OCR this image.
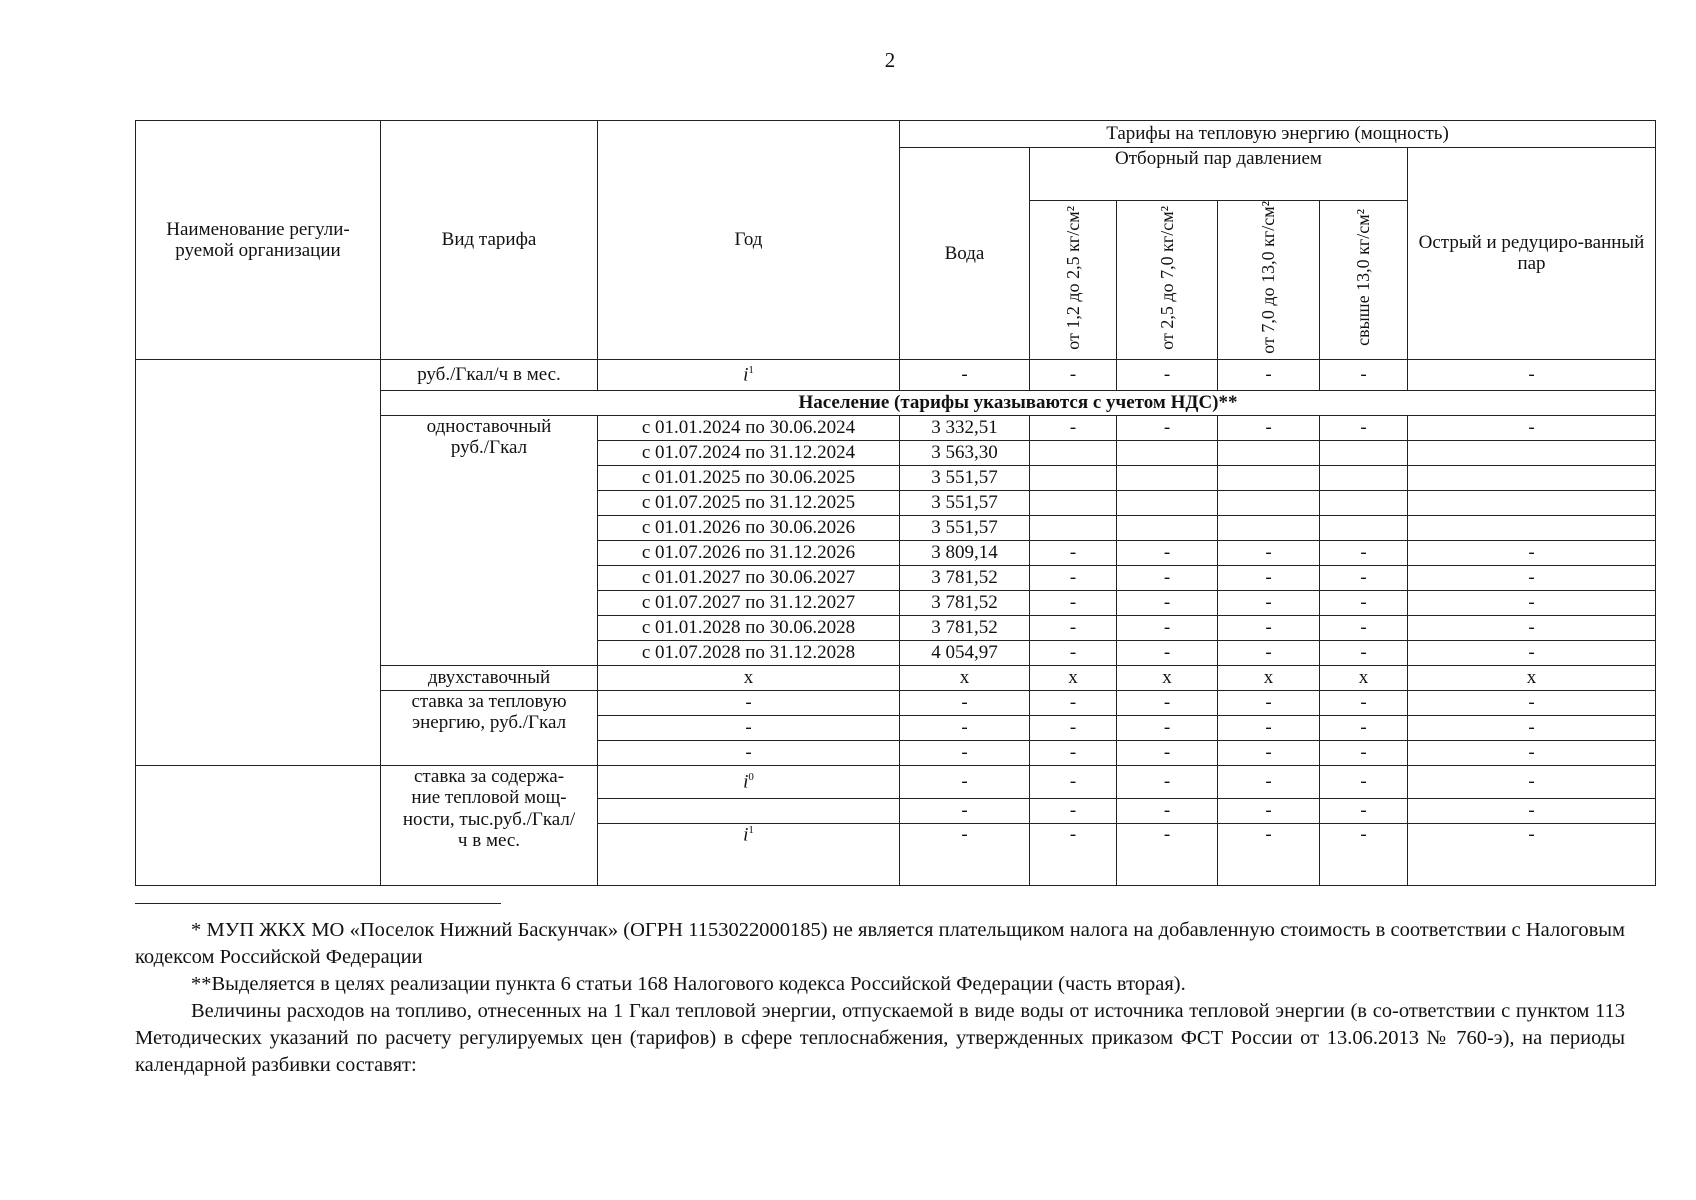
2
Наименование регули-руемой организации	Вид тарифа	Год	Тарифы на тепловую энергию (мощность)					
			Вода	Отборный пар давлением				Острый и редуциро-ванный пар
				от 1,2 до 2,5 кг/см²	от 2,5 до 7,0 кг/см²	от 7,0 до 13,0 кг/см²	свыше 13,0 кг/см²	
	руб./Гкал/ч в мес.	$i^1$	-	-	-	-	-	-
	Население (тарифы указываются с учетом НДС)**							
	одноставочный руб./Гкал	с 01.01.2024 по 30.06.2024	3 332,51	-	-	-	-	-
		с 01.07.2024 по 31.12.2024	3 563,30					
		с 01.01.2025 по 30.06.2025	3 551,57					
		с 01.07.2025 по 31.12.2025	3 551,57					
		с 01.01.2026 по 30.06.2026	3 551,57					
		с 01.07.2026 по 31.12.2026	3 809,14	-	-	-	-	-
		с 01.01.2027 по 30.06.2027	3 781,52	-	-	-	-	-
		с 01.07.2027 по 31.12.2027	3 781,52	-	-	-	-	-
		с 01.01.2028 по 30.06.2028	3 781,52	-	-	-	-	-
		с 01.07.2028 по 31.12.2028	4 054,97	-	-	-	-	-
	двухставочный	x	x	x	x	x	x	x
	ставка за тепловую энергию, руб./Гкал	-	-	-	-	-	-	-
		-	-	-	-	-	-	-
		-	-	-	-	-	-	-
	ставка за содержа-ние тепловой мощ-ности, тыс.руб./Гкал/ч в мес.	$i^0$	-	-	-	-	-	-
			-	-	-	-	-	-
		$i^1$	-	-	-	-	-	-

* МУП ЖКХ МО «Поселок Нижний Баскунчак» (ОГРН 1153022000185) не является плательщиком налога на добавленную стоимость в соответствии с Налоговым кодексом Российской Федерации

**Выделяется в целях реализации пункта 6 статьи 168 Налогового кодекса Российской Федерации (часть вторая).

Величины расходов на топливо, отнесенных на 1 Гкал тепловой энергии, отпускаемой в виде воды от источника тепловой энергии (в со-ответствии с пунктом 113 Методических указаний по расчету регулируемых цен (тарифов) в сфере теплоснабжения, утвержденных приказом ФСТ России от 13.06.2013 № 760-э), на периоды календарной разбивки составят:
